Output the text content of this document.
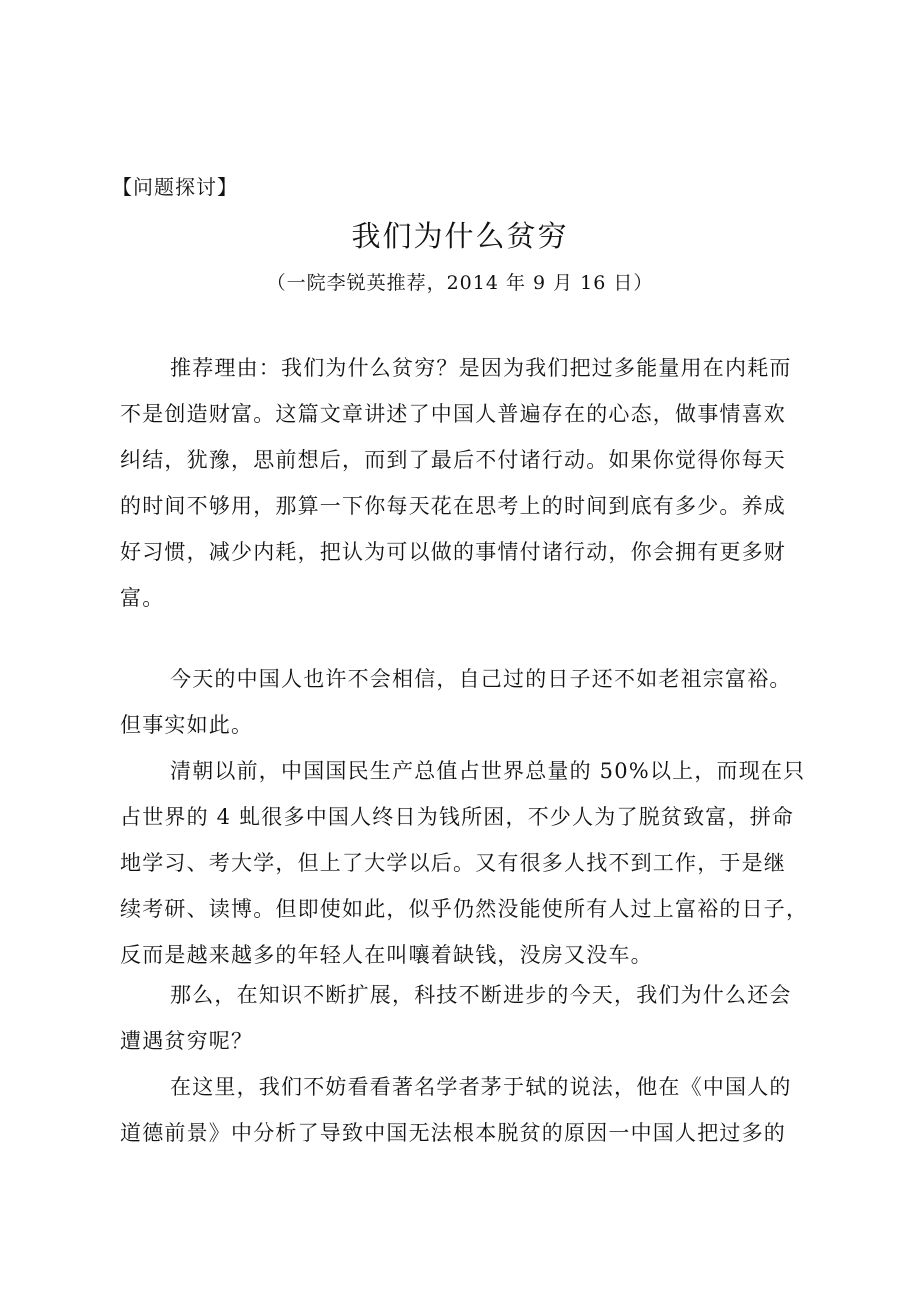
【问题探讨】
我们为什么贫穷
（一院李锐英推荐，2014 年 9 月 16 日）
推荐理由：我们为什么贫穷？是因为我们把过多能量用在内耗而
不是创造财富。这篇文章讲述了中国人普遍存在的心态，做事情喜欢
纠结，犹豫，思前想后，而到了最后不付诸行动。如果你觉得你每天
的时间不够用，那算一下你每天花在思考上的时间到底有多少。养成
好习惯，减少内耗，把认为可以做的事情付诸行动，你会拥有更多财
富。
今天的中国人也许不会相信，自己过的日子还不如老祖宗富裕。
但事实如此。
清朝以前，中国国民生产总值占世界总量的 50%以上，而现在只
占世界的 4 虬很多中国人终日为钱所困，不少人为了脱贫致富，拼命
地学习、考大学，但上了大学以后。又有很多人找不到工作，于是继
续考研、读博。但即使如此，似乎仍然没能使所有人过上富裕的日子，
反而是越来越多的年轻人在叫嚷着缺钱，没房又没车。
那么，在知识不断扩展，科技不断进步的今天，我们为什么还会
遭遇贫穷呢？
在这里，我们不妨看看著名学者茅于轼的说法，他在《中国人的
道德前景》中分析了导致中国无法根本脱贫的原因一中国人把过多的
